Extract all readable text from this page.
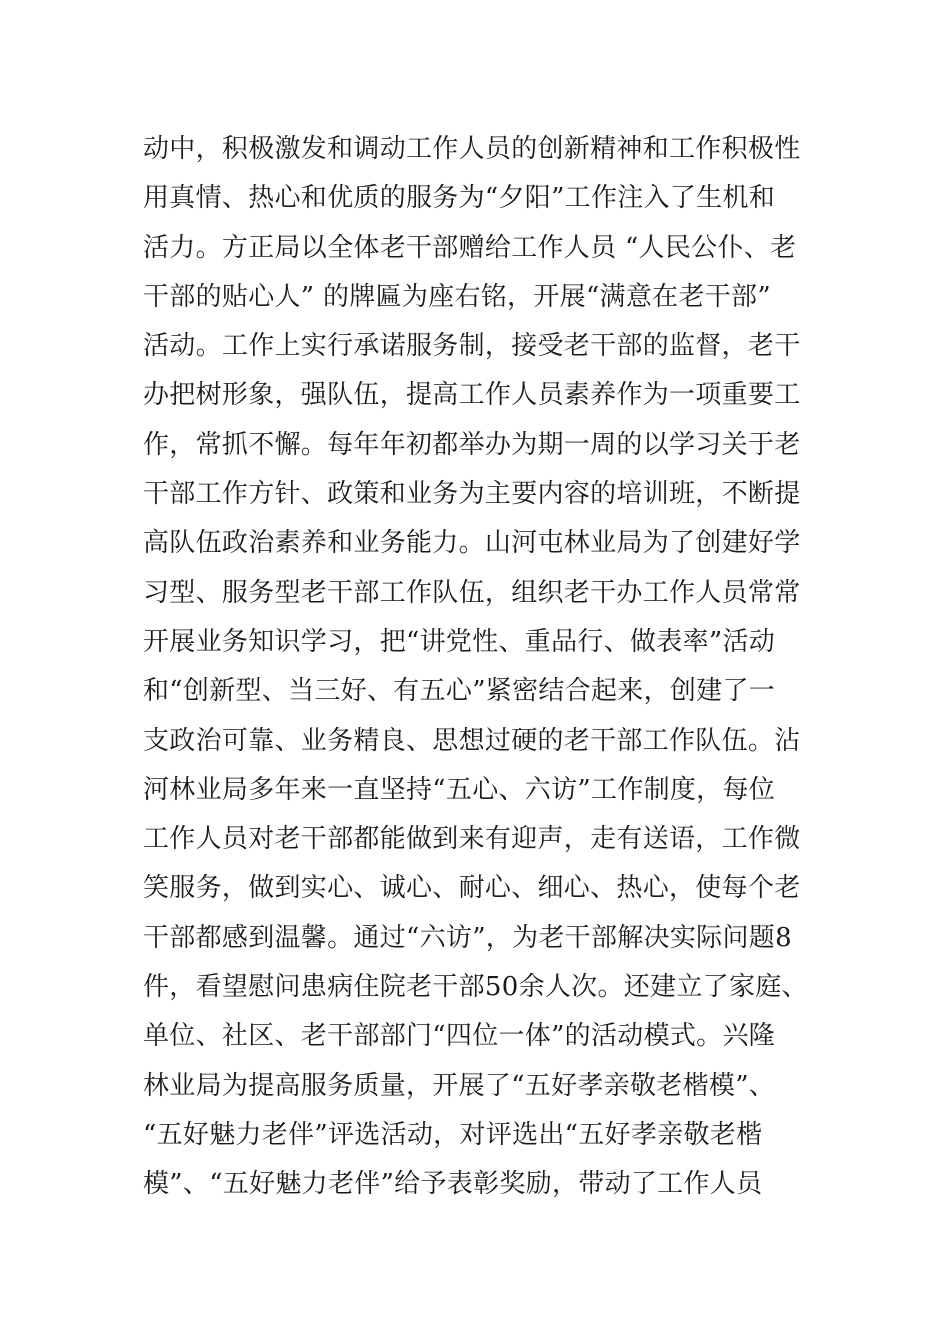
动中，积极激发和调动工作人员的创新精神和工作积极性
用真情、热心和优质的服务为“夕阳”工作注入了生机和
活力。方正局以全体老干部赠给工作人员 “人民公仆、老
干部的贴心人” 的牌匾为座右铭，开展“满意在老干部”
活动。工作上实行承诺服务制，接受老干部的监督，老干
办把树形象，强队伍，提高工作人员素养作为一项重要工
作，常抓不懈。每年年初都举办为期一周的以学习关于老
干部工作方针、政策和业务为主要内容的培训班，不断提
高队伍政治素养和业务能力。山河屯林业局为了创建好学
习型、服务型老干部工作队伍，组织老干办工作人员常常
开展业务知识学习，把“讲党性、重品行、做表率”活动
和“创新型、当三好、有五心”紧密结合起来，创建了一
支政治可靠、业务精良、思想过硬的老干部工作队伍。沾
河林业局多年来一直坚持“五心、六访”工作制度，每位
工作人员对老干部都能做到来有迎声，走有送语，工作微
笑服务，做到实心、诚心、耐心、细心、热心，使每个老
干部都感到温馨。通过“六访”，为老干部解决实际问题8
件，看望慰问患病住院老干部50余人次。还建立了家庭、
单位、社区、老干部部门“四位一体”的活动模式。兴隆
林业局为提高服务质量，开展了“五好孝亲敬老楷模”、
“五好魅力老伴”评选活动，对评选出“五好孝亲敬老楷
模”、“五好魅力老伴”给予表彰奖励，带动了工作人员
